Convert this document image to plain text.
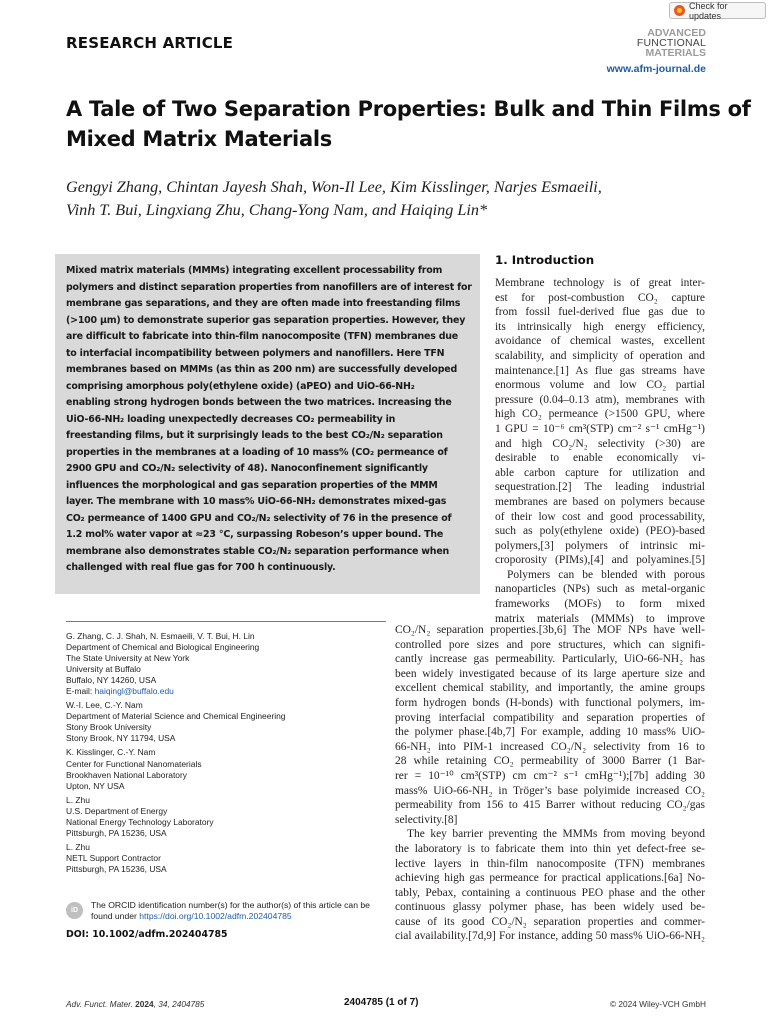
Check for updates
RESEARCH ARTICLE
ADVANCED
FUNCTIONAL
MATERIALS
www.afm-journal.de
A Tale of Two Separation Properties: Bulk and Thin Films of
Mixed Matrix Materials
Gengyi Zhang, Chintan Jayesh Shah, Won-Il Lee, Kim Kisslinger, Narjes Esmaeili,
Vinh T. Bui, Lingxiang Zhu, Chang-Yong Nam, and Haiqing Lin*
Mixed matrix materials (MMMs) integrating excellent processability from
polymers and distinct separation properties from nanofillers are of interest for
membrane gas separations, and they are often made into freestanding films
(>100 µm) to demonstrate superior gas separation properties. However, they
are difficult to fabricate into thin-film nanocomposite (TFN) membranes due
to interfacial incompatibility between polymers and nanofillers. Here TFN
membranes based on MMMs (as thin as 200 nm) are successfully developed
comprising amorphous poly(ethylene oxide) (aPEO) and UiO-66-NH₂
enabling strong hydrogen bonds between the two matrices. Increasing the
UiO-66-NH₂ loading unexpectedly decreases CO₂ permeability in
freestanding films, but it surprisingly leads to the best CO₂/N₂ separation
properties in the membranes at a loading of 10 mass% (CO₂ permeance of
2900 GPU and CO₂/N₂ selectivity of 48). Nanoconfinement significantly
influences the morphological and gas separation properties of the MMM
layer. The membrane with 10 mass% UiO-66-NH₂ demonstrates mixed-gas
CO₂ permeance of 1400 GPU and CO₂/N₂ selectivity of 76 in the presence of
1.2 mol% water vapor at ≈23 °C, surpassing Robeson’s upper bound. The
membrane also demonstrates stable CO₂/N₂ separation performance when
challenged with real flue gas for 700 h continuously.
G. Zhang, C. J. Shah, N. Esmaeili, V. T. Bui, H. Lin
Department of Chemical and Biological Engineering
The State University at New York
University at Buffalo
Buffalo, NY 14260, USA
E-mail: haiqingl@buffalo.edu
W.-I. Lee, C.-Y. Nam
Department of Material Science and Chemical Engineering
Stony Brook University
Stony Brook, NY 11794, USA
K. Kisslinger, C.-Y. Nam
Center for Functional Nanomaterials
Brookhaven National Laboratory
Upton, NY USA
L. Zhu
U.S. Department of Energy
National Energy Technology Laboratory
Pittsburgh, PA 15236, USA
L. Zhu
NETL Support Contractor
Pittsburgh, PA 15236, USA
iD
The ORCID identification number(s) for the author(s) of this article can be found under https://doi.org/10.1002/adfm.202404785
DOI: 10.1002/adfm.202404785
1. Introduction
Membrane technology is of great inter-
est for post-combustion CO₂ capture
from fossil fuel-derived flue gas due to
its intrinsically high energy efficiency,
avoidance of chemical wastes, excellent
scalability, and simplicity of operation and
maintenance.[1] As flue gas streams have
enormous volume and low CO₂ partial
pressure (0.04–0.13 atm), membranes with
high CO₂ permeance (>1500 GPU, where
1 GPU = 10⁻⁶ cm³(STP) cm⁻² s⁻¹ cmHg⁻¹)
and high CO₂/N₂ selectivity (>30) are
desirable to enable economically vi-
able carbon capture for utilization and
sequestration.[2] The leading industrial
membranes are based on polymers because
of their low cost and good processability,
such as poly(ethylene oxide) (PEO)-based
polymers,[3] polymers of intrinsic mi-
croporosity (PIMs),[4] and polyamines.[5]
Polymers can be blended with porous
nanoparticles (NPs) such as metal-organic
frameworks (MOFs) to form mixed
matrix materials (MMMs) to improve
CO₂/N₂ separation properties.[3b,6] The MOF NPs have well-
controlled pore sizes and pore structures, which can signifi-
cantly increase gas permeability. Particularly, UiO-66-NH₂ has
been widely investigated because of its large aperture size and
excellent chemical stability, and importantly, the amine groups
form hydrogen bonds (H-bonds) with functional polymers, im-
proving interfacial compatibility and separation properties of
the polymer phase.[4b,7] For example, adding 10 mass% UiO-
66-NH₂ into PIM-1 increased CO₂/N₂ selectivity from 16 to
28 while retaining CO₂ permeability of 3000 Barrer (1 Bar-
rer = 10⁻¹⁰ cm³(STP) cm cm⁻² s⁻¹ cmHg⁻¹);[7b] adding 30
mass% UiO-66-NH₂ in Tröger’s base polyimide increased CO₂
permeability from 156 to 415 Barrer without reducing CO₂/gas
selectivity.[8]
The key barrier preventing the MMMs from moving beyond
the laboratory is to fabricate them into thin yet defect-free se-
lective layers in thin-film nanocomposite (TFN) membranes
achieving high gas permeance for practical applications.[6a] No-
tably, Pebax, containing a continuous PEO phase and the other
continuous glassy polymer phase, has been widely used be-
cause of its good CO₂/N₂ separation properties and commer-
cial availability.[7d,9] For instance, adding 50 mass% UiO-66-NH₂
Adv. Funct. Mater. 2024, 34, 2404785	2404785 (1 of 7)	© 2024 Wiley-VCH GmbH
